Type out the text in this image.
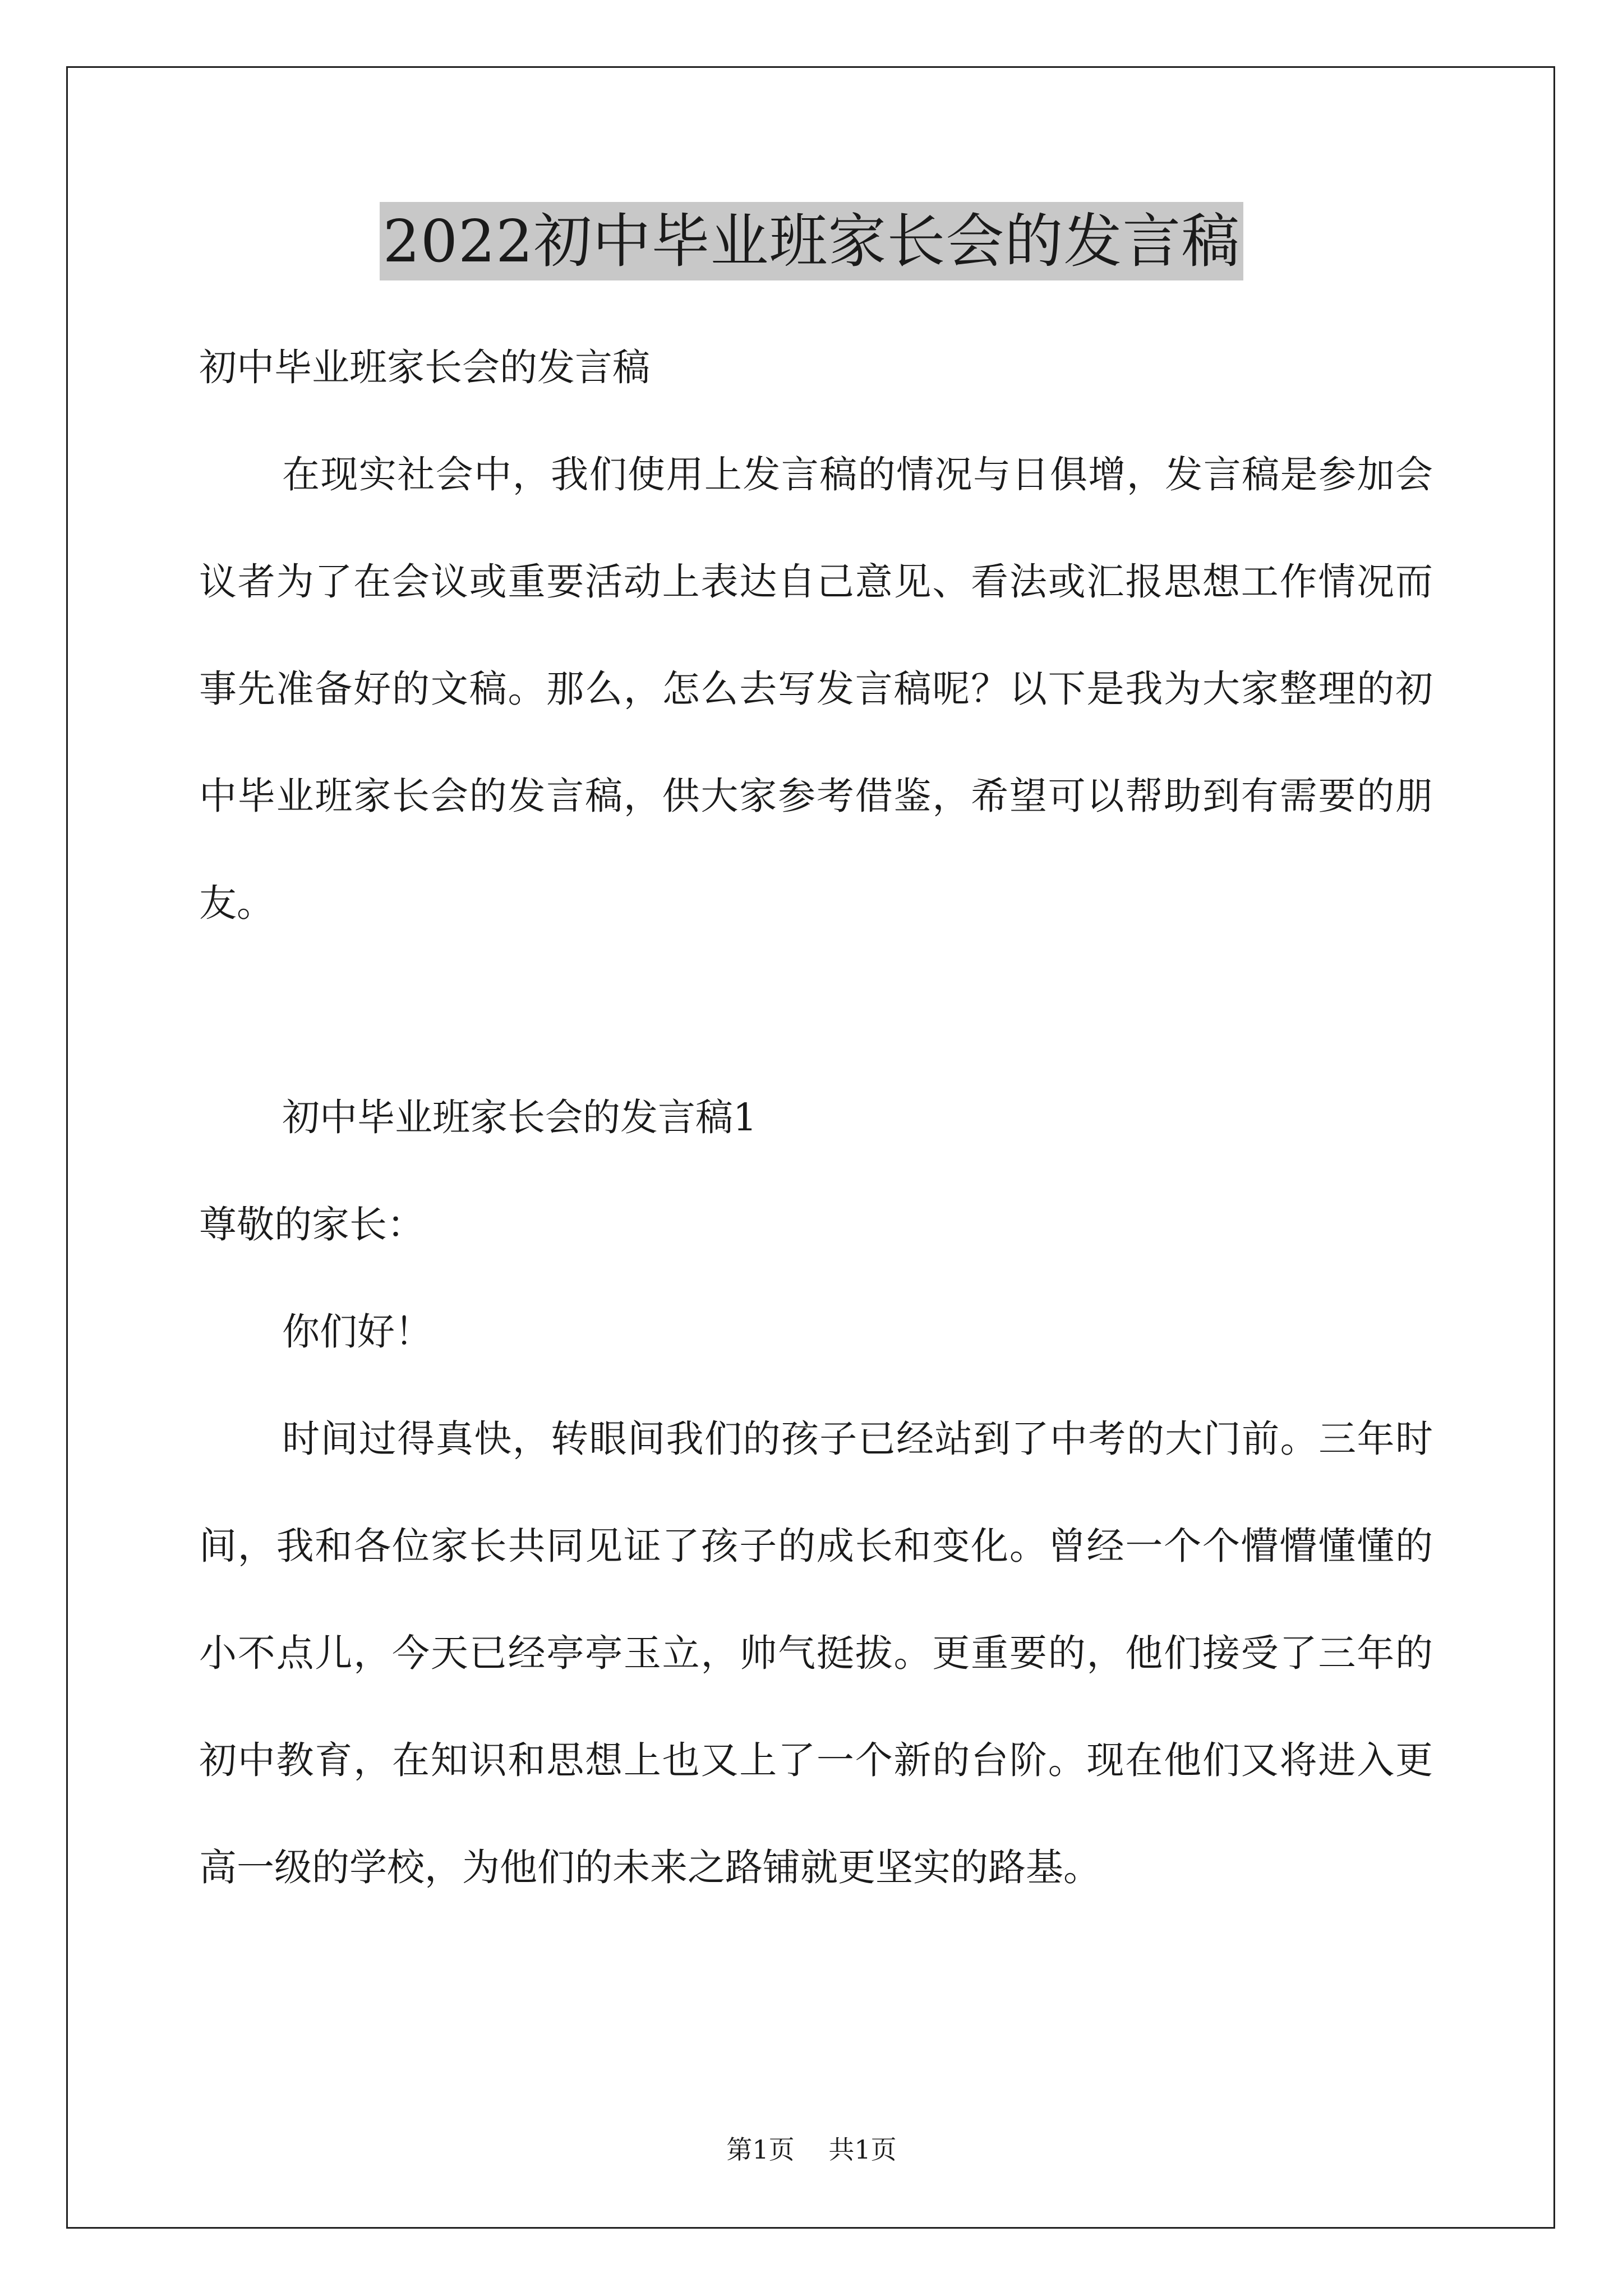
2022初中毕业班家长会的发言稿

初中毕业班家长会的发言稿

在现实社会中，我们使用上发言稿的情况与日俱增，发言稿是参加会议者为了在会议或重要活动上表达自己意见、看法或汇报思想工作情况而事先准备好的文稿。那么，怎么去写发言稿呢？以下是我为大家整理的初中毕业班家长会的发言稿，供大家参考借鉴，希望可以帮助到有需要的朋友。

初中毕业班家长会的发言稿1

尊敬的家长：

你们好！

时间过得真快，转眼间我们的孩子已经站到了中考的大门前。三年时间，我和各位家长共同见证了孩子的成长和变化。曾经一个个懵懵懂懂的小不点儿，今天已经亭亭玉立，帅气挺拔。更重要的，他们接受了三年的初中教育，在知识和思想上也又上了一个新的台阶。现在他们又将进入更高一级的学校，为他们的未来之路铺就更坚实的路基。

第1页 共1页
